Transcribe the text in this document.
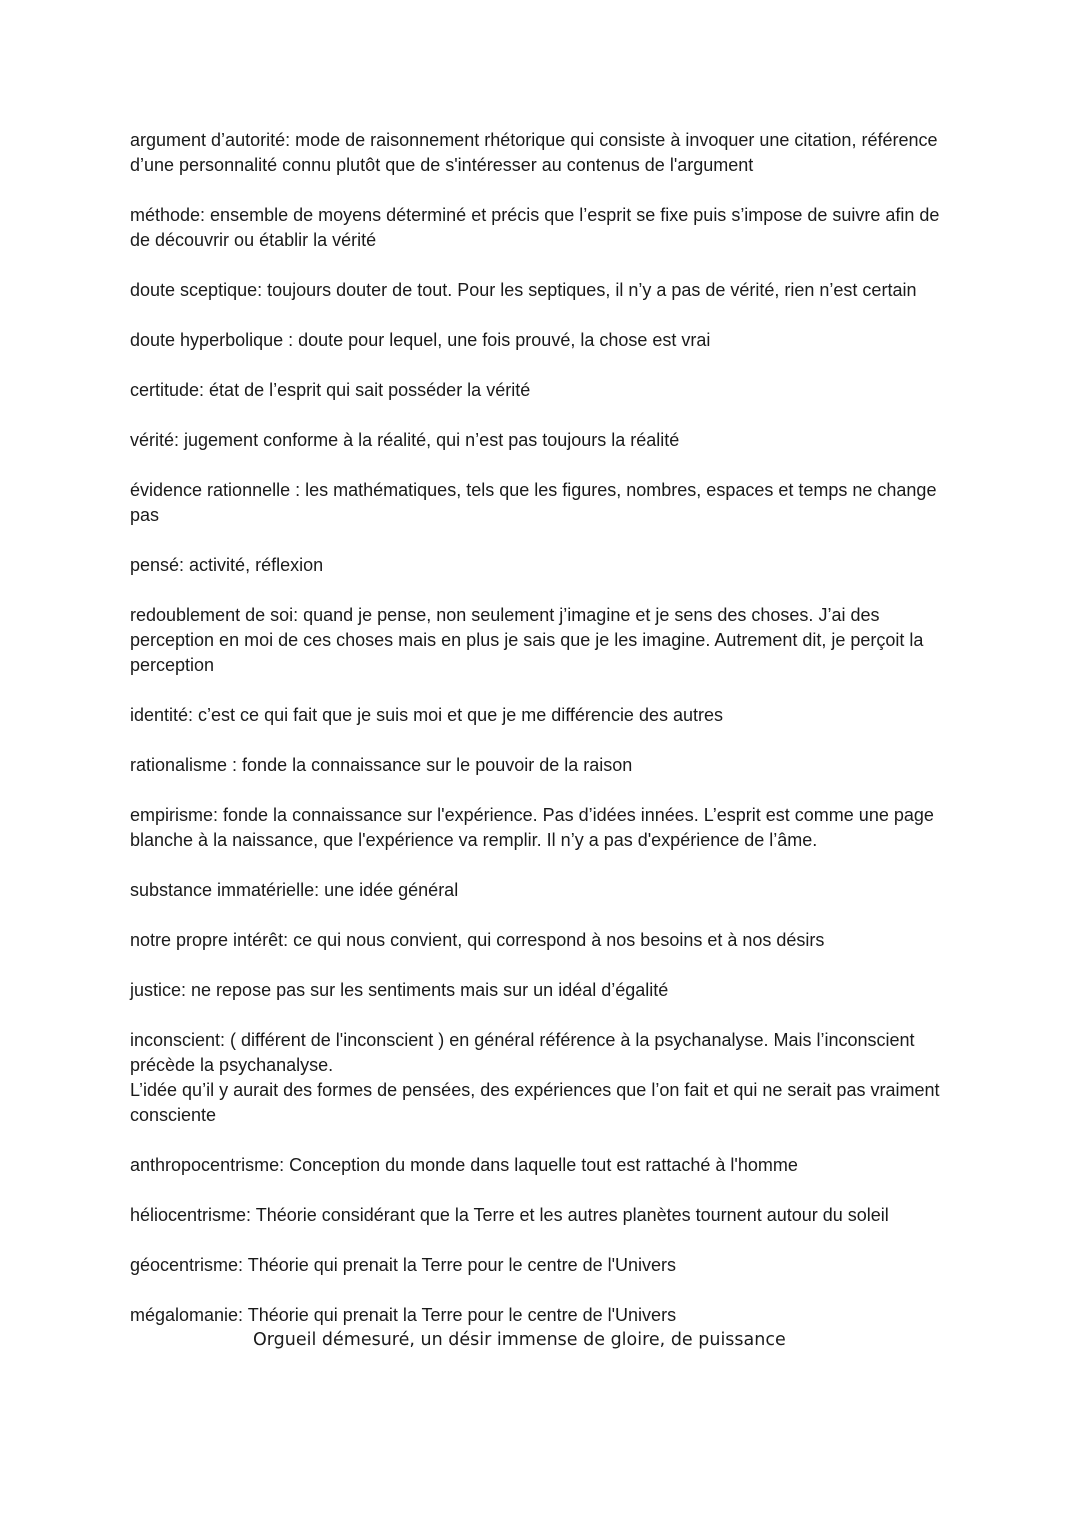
argument d’autorité: mode de raisonnement rhétorique qui consiste à invoquer une citation, référence d’une personnalité connu plutôt que de s'intéresser au contenus de l'argument

méthode: ensemble de moyens déterminé et précis que l’esprit se fixe puis s’impose de suivre afin de de découvrir ou établir la vérité

doute sceptique: toujours douter de tout. Pour les septiques, il n’y a pas de vérité, rien n’est certain

doute hyperbolique : doute pour lequel, une fois prouvé, la chose est vrai

certitude: état de l’esprit qui sait posséder la vérité

vérité: jugement conforme à la réalité, qui n’est pas toujours la réalité

évidence rationnelle : les mathématiques, tels que les figures, nombres, espaces et temps ne change pas

pensé: activité, réflexion

redoublement de soi: quand je pense, non seulement j’imagine et je sens des choses. J’ai des perception en moi de ces choses mais en plus je sais que je les imagine. Autrement dit, je perçoit la perception

identité: c’est ce qui fait que je suis moi et que je me différencie des autres

rationalisme : fonde la connaissance sur le pouvoir de la raison

empirisme: fonde la connaissance sur l'expérience. Pas d’idées innées. L’esprit est comme une page blanche à la naissance, que l'expérience va remplir. Il n’y a pas d'expérience de l’âme.

substance immatérielle: une idée général

notre propre intérêt: ce qui nous convient, qui correspond à nos besoins et à nos désirs

justice: ne repose pas sur les sentiments mais sur un idéal d’égalité

inconscient: ( différent de l'inconscient ) en général référence à la psychanalyse. Mais l’inconscient précède la psychanalyse.

L’idée qu’il y aurait des formes de pensées, des expériences que l’on fait et qui ne serait pas vraiment consciente

anthropocentrisme: Conception du monde dans laquelle tout est rattaché à l'homme

héliocentrisme: Théorie considérant que la Terre et les autres planètes tournent autour du soleil

géocentrisme: Théorie qui prenait la Terre pour le centre de l'Univers

mégalomanie: Théorie qui prenait la Terre pour le centre de l'Univers

Orgueil démesuré, un désir immense de gloire, de puissance
